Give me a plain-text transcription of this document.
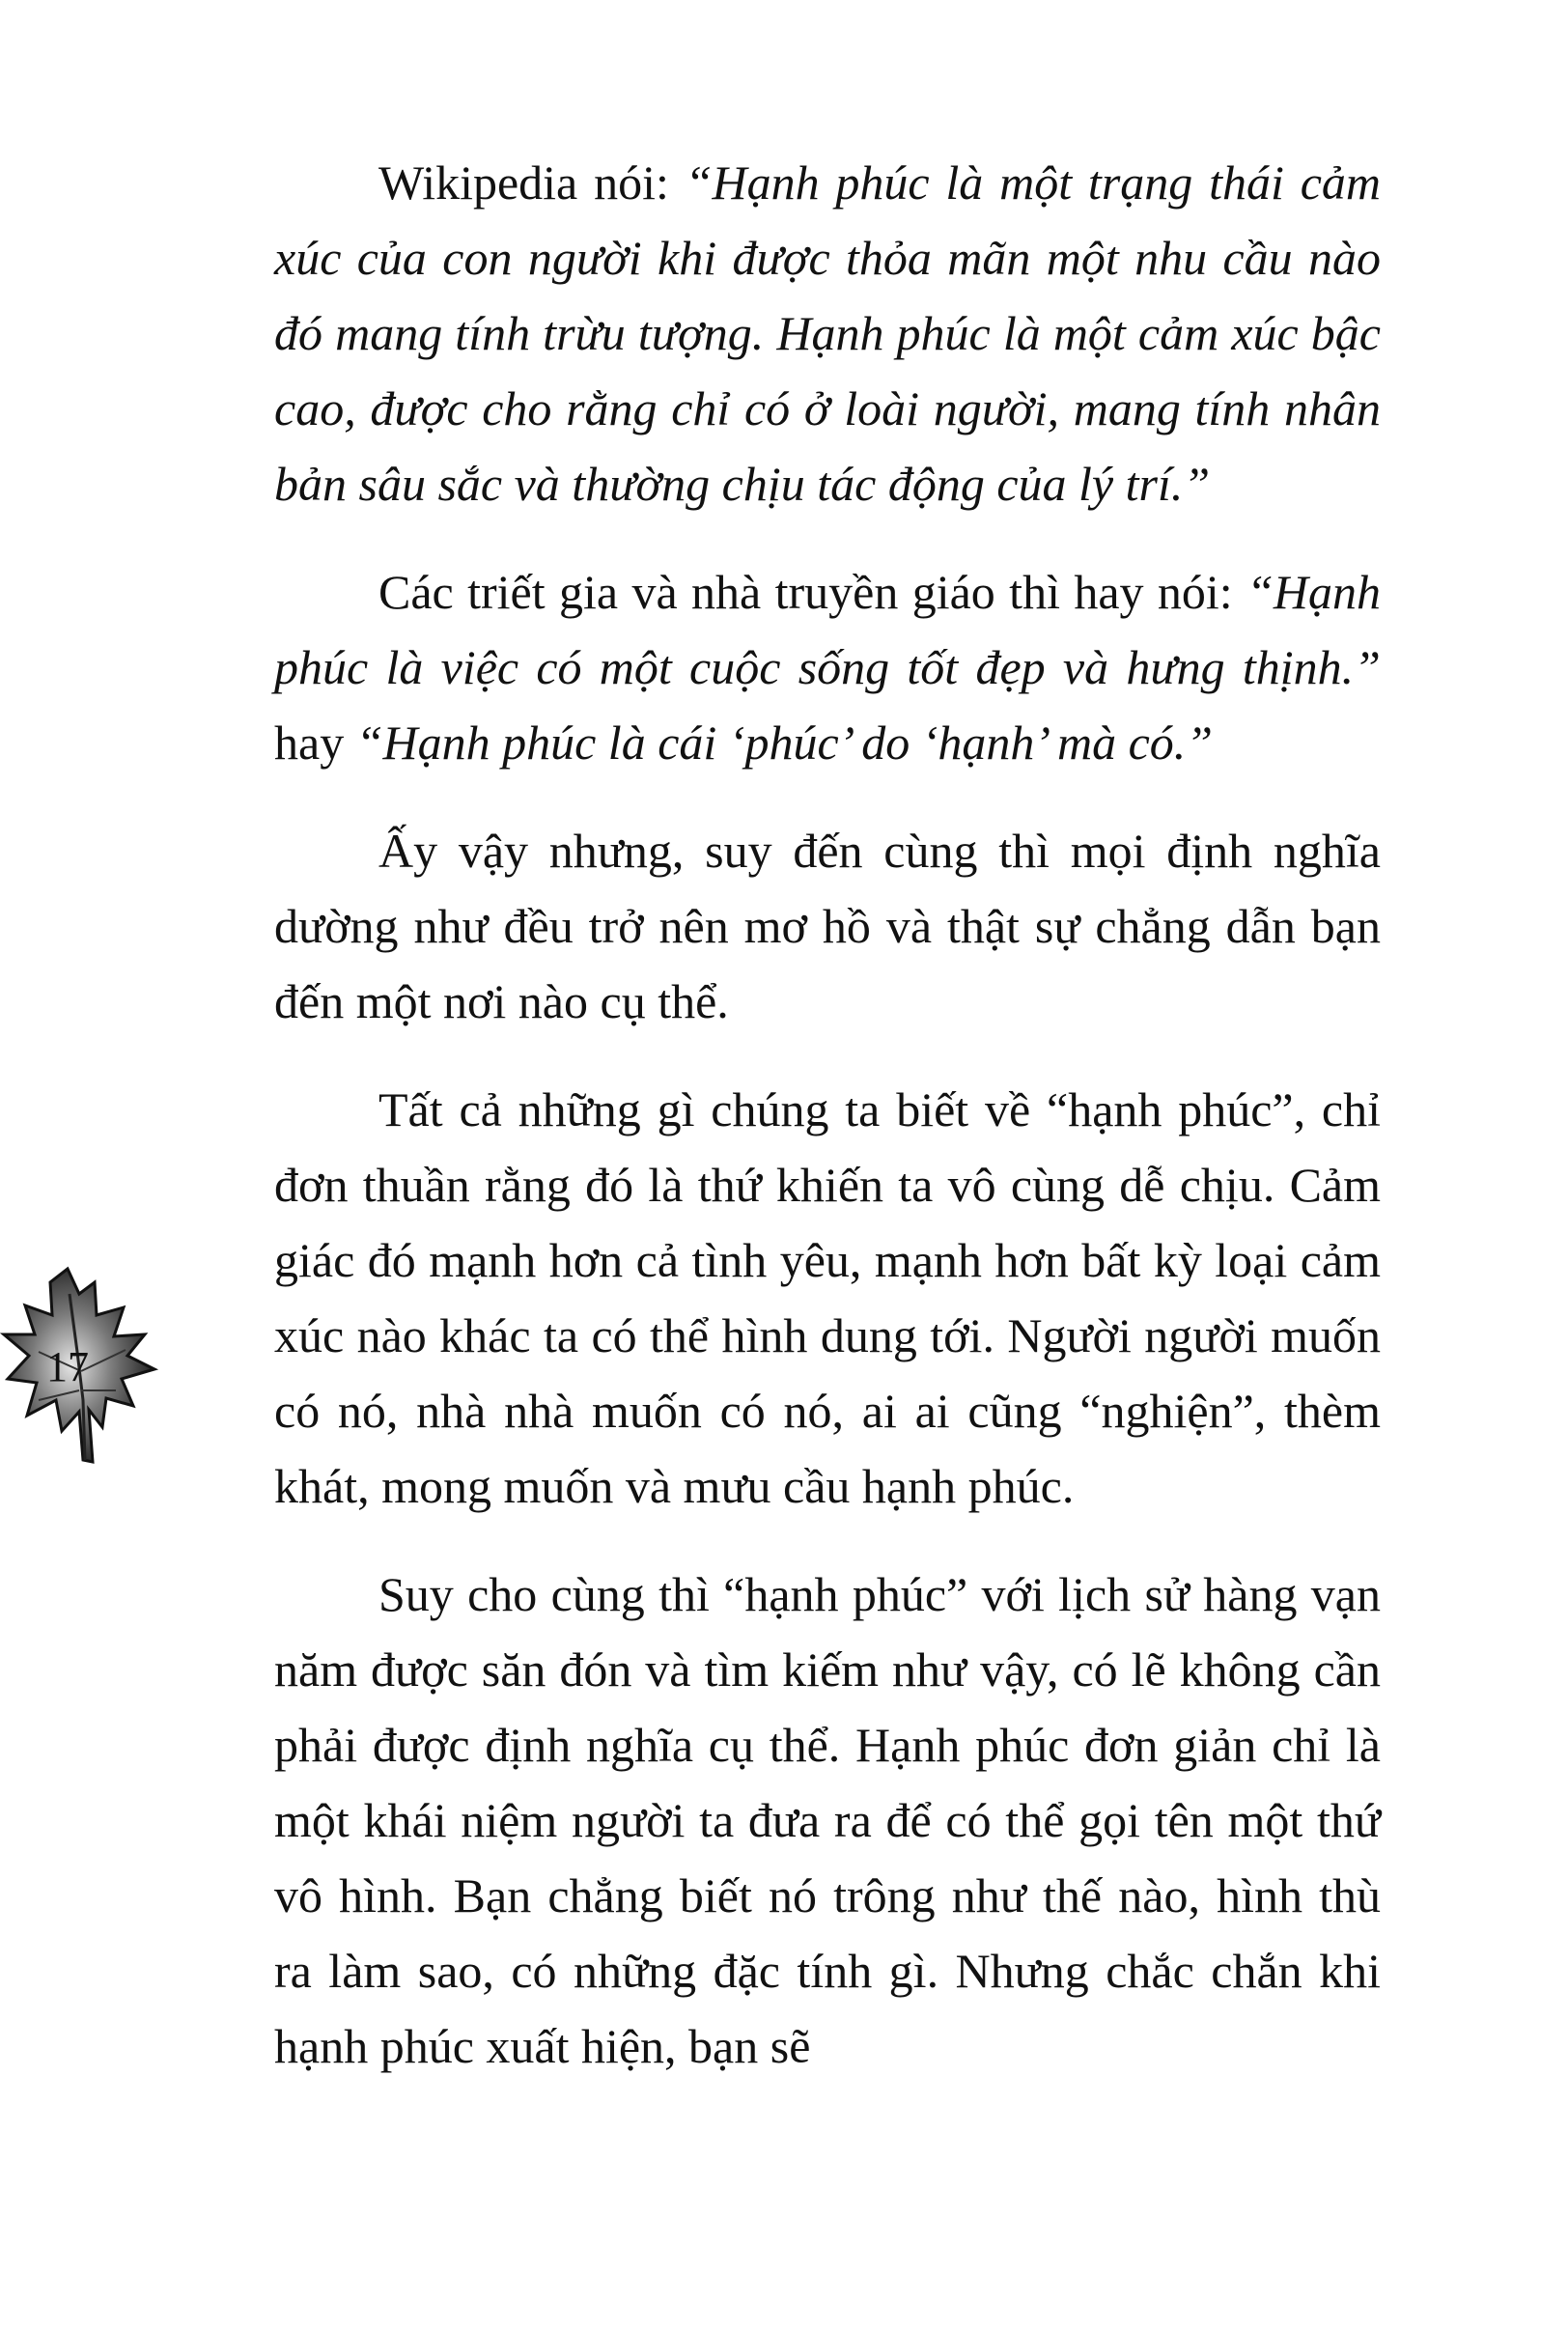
17

Wikipedia nói: “Hạnh phúc là một trạng thái cảm xúc của con người khi được thỏa mãn một nhu cầu nào đó mang tính trừu tượng. Hạnh phúc là một cảm xúc bậc cao, được cho rằng chỉ có ở loài người, mang tính nhân bản sâu sắc và thường chịu tác động của lý trí.”

Các triết gia và nhà truyền giáo thì hay nói: “Hạnh phúc là việc có một cuộc sống tốt đẹp và hưng thịnh.” hay “Hạnh phúc là cái ‘phúc’ do ‘hạnh’ mà có.”

Ấy vậy nhưng, suy đến cùng thì mọi định nghĩa dường như đều trở nên mơ hồ và thật sự chẳng dẫn bạn đến một nơi nào cụ thể.

Tất cả những gì chúng ta biết về “hạnh phúc”, chỉ đơn thuần rằng đó là thứ khiến ta vô cùng dễ chịu. Cảm giác đó mạnh hơn cả tình yêu, mạnh hơn bất kỳ loại cảm xúc nào khác ta có thể hình dung tới. Người người muốn có nó, nhà nhà muốn có nó, ai ai cũng “nghiện”, thèm khát, mong muốn và mưu cầu hạnh phúc.

Suy cho cùng thì “hạnh phúc” với lịch sử hàng vạn năm được săn đón và tìm kiếm như vậy, có lẽ không cần phải được định nghĩa cụ thể. Hạnh phúc đơn giản chỉ là một khái niệm người ta đưa ra để có thể gọi tên một thứ vô hình. Bạn chẳng biết nó trông như thế nào, hình thù ra làm sao, có những đặc tính gì. Nhưng chắc chắn khi hạnh phúc xuất hiện, bạn sẽ
